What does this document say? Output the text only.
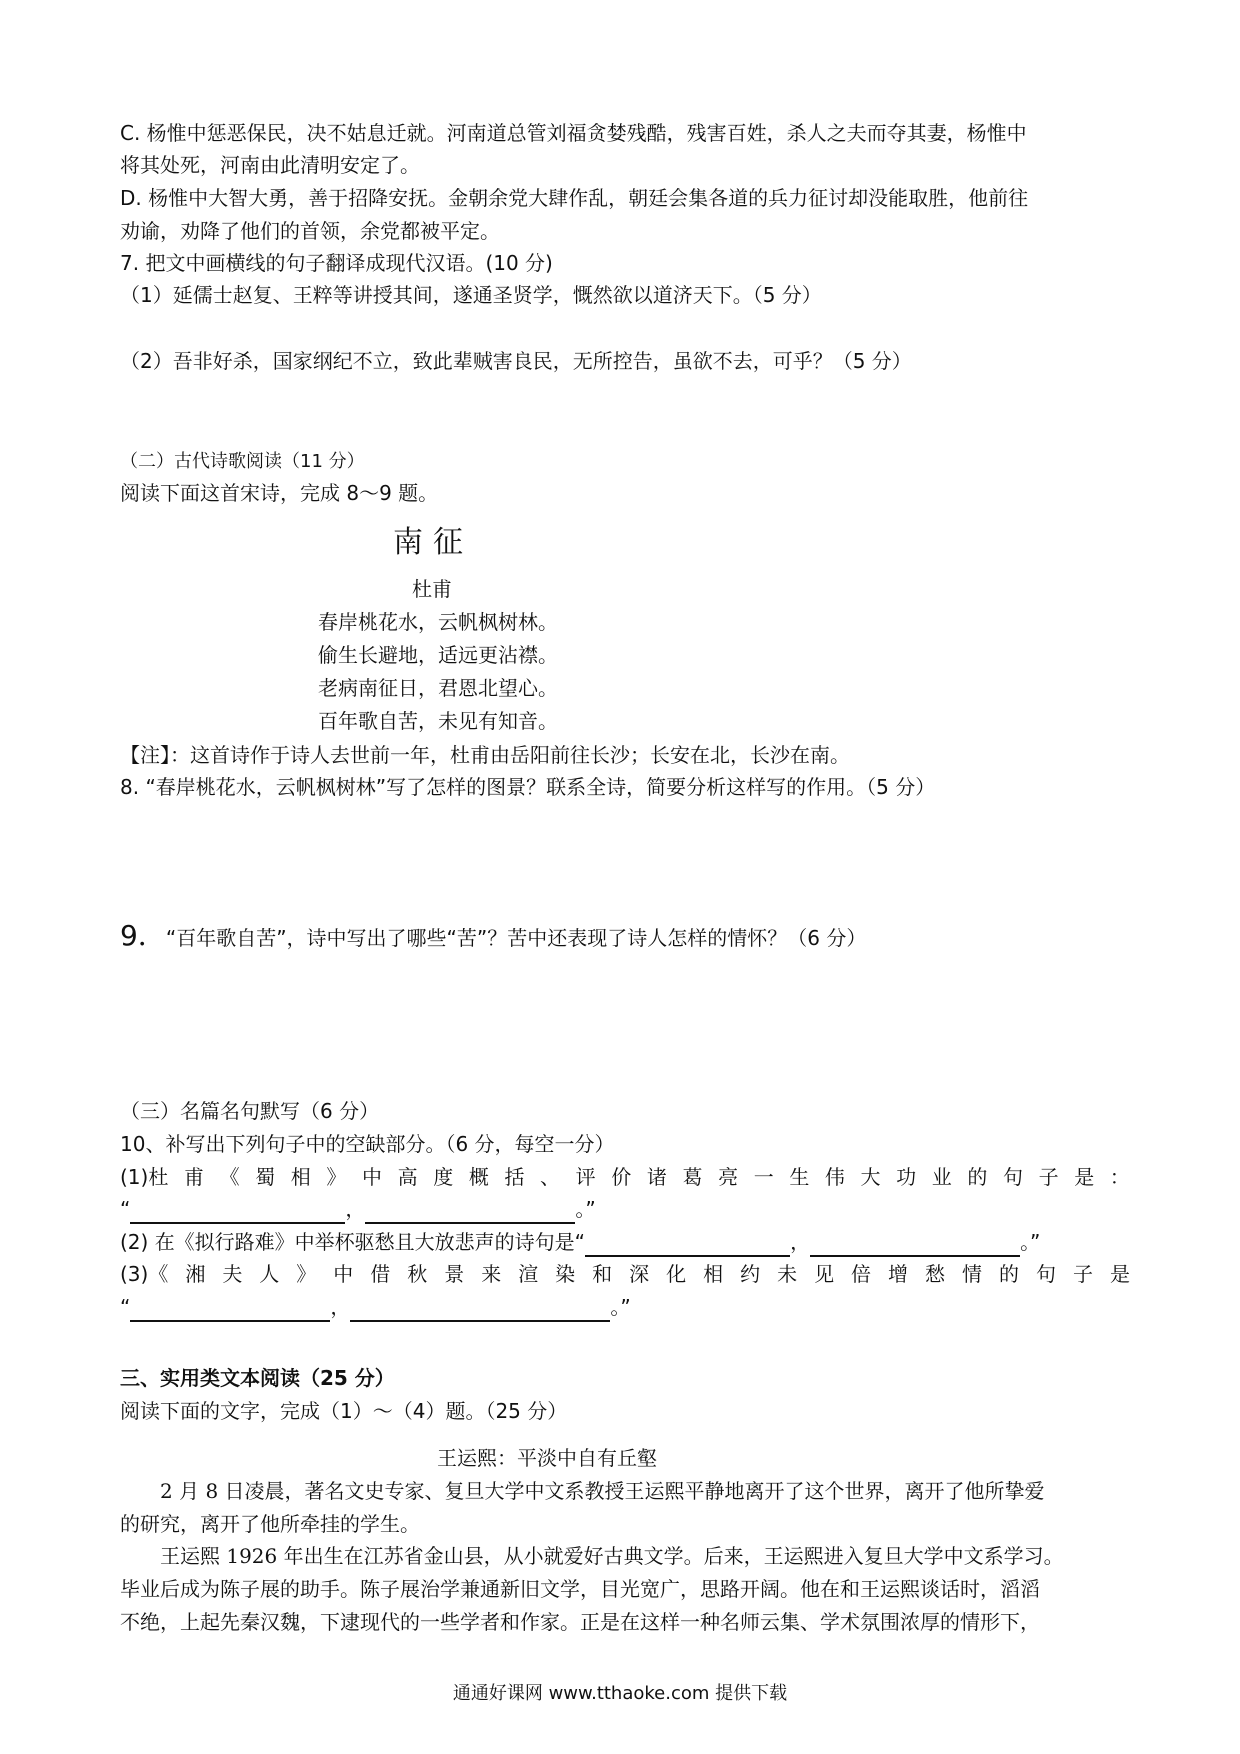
C. 杨惟中惩恶保民，决不姑息迁就。河南道总管刘福贪婪残酷，残害百姓，杀人之夫而夺其妻，杨惟中
将其处死，河南由此清明安定了。
D. 杨惟中大智大勇，善于招降安抚。金朝余党大肆作乱，朝廷会集各道的兵力征讨却没能取胜，他前往
劝谕，劝降了他们的首领，余党都被平定。
7. 把文中画横线的句子翻译成现代汉语。(10 分)
（1）延儒士赵复、王粹等讲授其间，遂通圣贤学，慨然欲以道济天下。（5 分）
（2）吾非好杀，国家纲纪不立，致此辈贼害良民，无所控告，虽欲不去，可乎？（5 分）
（二）古代诗歌阅读（11 分）
阅读下面这首宋诗，完成 8～9 题。
南征
杜甫
春岸桃花水，云帆枫树林。
偷生长避地，适远更沾襟。
老病南征日，君恩北望心。
百年歌自苦，未见有知音。
【注】：这首诗作于诗人去世前一年，杜甫由岳阳前往长沙；长安在北，长沙在南。
8. “春岸桃花水，云帆枫树林”写了怎样的图景？联系全诗，简要分析这样写的作用。（5 分）
9．“百年歌自苦”，诗中写出了哪些“苦”？苦中还表现了诗人怎样的情怀？（6 分）
（三）名篇名句默写（6 分）
10、补写出下列句子中的空缺部分。（6 分，每空一分）
(1)杜 甫 《 蜀 相 》 中 高 度 概 括 、 评 价 诸 葛 亮 一 生 伟 大 功 业 的 句 子 是 ：
“	，	。”
(2) 在《拟行路难》中举杯驱愁且大放悲声的诗句是“	，	。”
(3)《 湘 夫 人 》 中 借 秋 景 来 渲 染 和 深 化 相 约 未 见 倍 增 愁 情 的 句 子 是
“	，	。”
三、实用类文本阅读（25 分）
阅读下面的文字，完成（1）～（4）题。（25 分）
王运熙：平淡中自有丘壑
　　2 月 8 日凌晨，著名文史专家、复旦大学中文系教授王运熙平静地离开了这个世界，离开了他所挚爱
的研究，离开了他所牵挂的学生。
　　王运熙 1926 年出生在江苏省金山县，从小就爱好古典文学。后来，王运熙进入复旦大学中文系学习。
毕业后成为陈子展的助手。陈子展治学兼通新旧文学，目光宽广，思路开阔。他在和王运熙谈话时，滔滔
不绝，上起先秦汉魏，下逮现代的一些学者和作家。正是在这样一种名师云集、学术氛围浓厚的情形下，
通通好课网 www.tthaoke.com 提供下载
